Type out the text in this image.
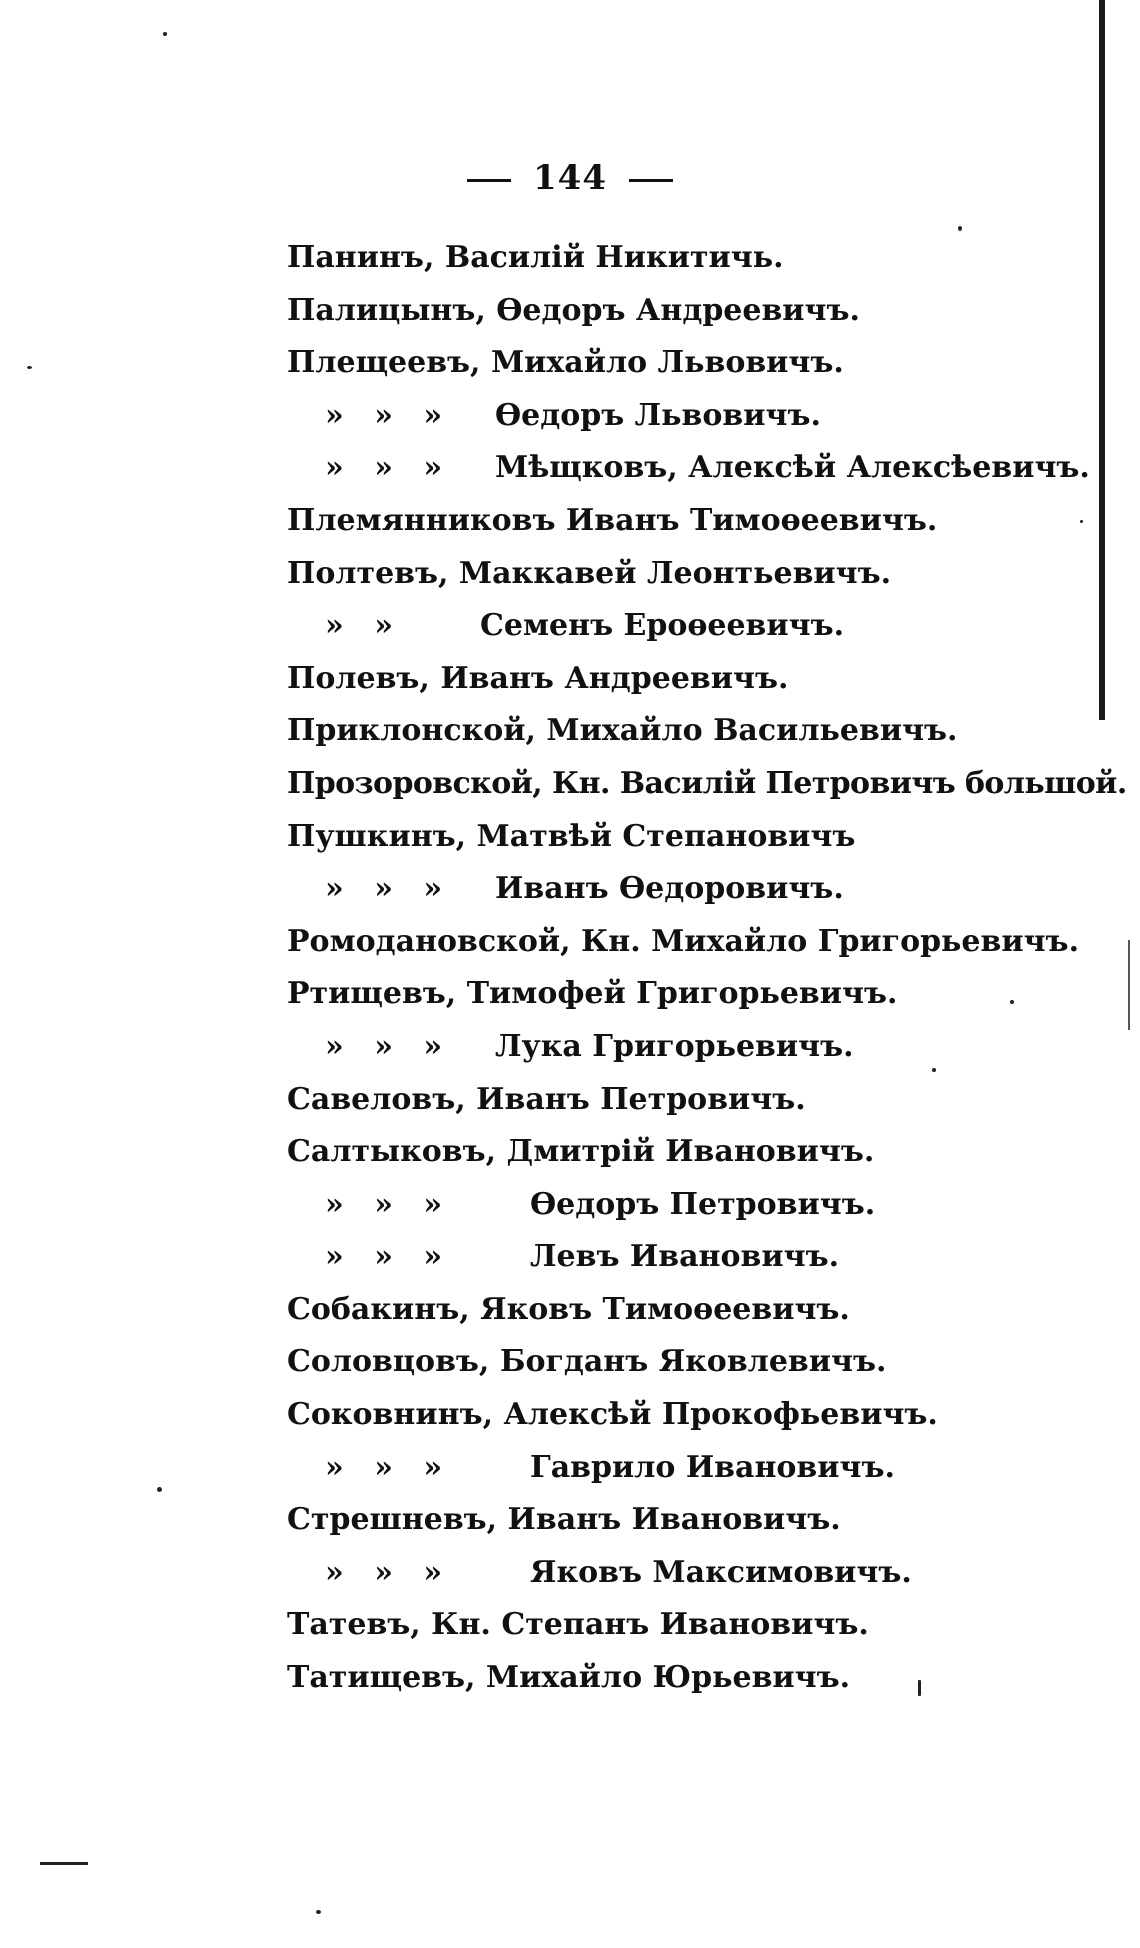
144
Панинъ, Василій Никитичь.
Палицынъ, Өедоръ Андреевичъ.
Плещеевъ, Михайло Львовичъ.
» » » Өедоръ Львовичъ.
» » » Мѣщковъ, Алексѣй Алексѣевичъ.
Племянниковъ Иванъ Тимоөеевичъ.
Полтевъ, Маккавей Леонтьевичъ.
» »	Семенъ Ероөеевичъ.
Полевъ, Иванъ Андреевичъ.
Приклонской, Михайло Васильевичъ.
Прозоровской, Кн. Василій Петровичъ большой.
Пушкинъ, Матвѣй Степановичъ
» » » Иванъ Өедоровичъ.
Ромодановской, Кн. Михайло Григорьевичъ.
Ртищевъ, Тимофей Григорьевичъ.
» » » Лука Григорьевичъ.
Савеловъ, Иванъ Петровичъ.
Салтыковъ, Дмитрій Ивановичъ.
» » »	Өедоръ Петровичъ.
» » »	Левъ Ивановичъ.
Собакинъ, Яковъ Тимоөеевичъ.
Соловцовъ, Богданъ Яковлевичъ.
Соковнинъ, Алексѣй Прокофьевичъ.
» » »	Гаврило Ивановичъ.
Стрешневъ, Иванъ Ивановичъ.
» » »	Яковъ Максимовичъ.
Татевъ, Кн. Степанъ Ивановичъ.
Татищевъ, Михайло Юрьевичъ.
